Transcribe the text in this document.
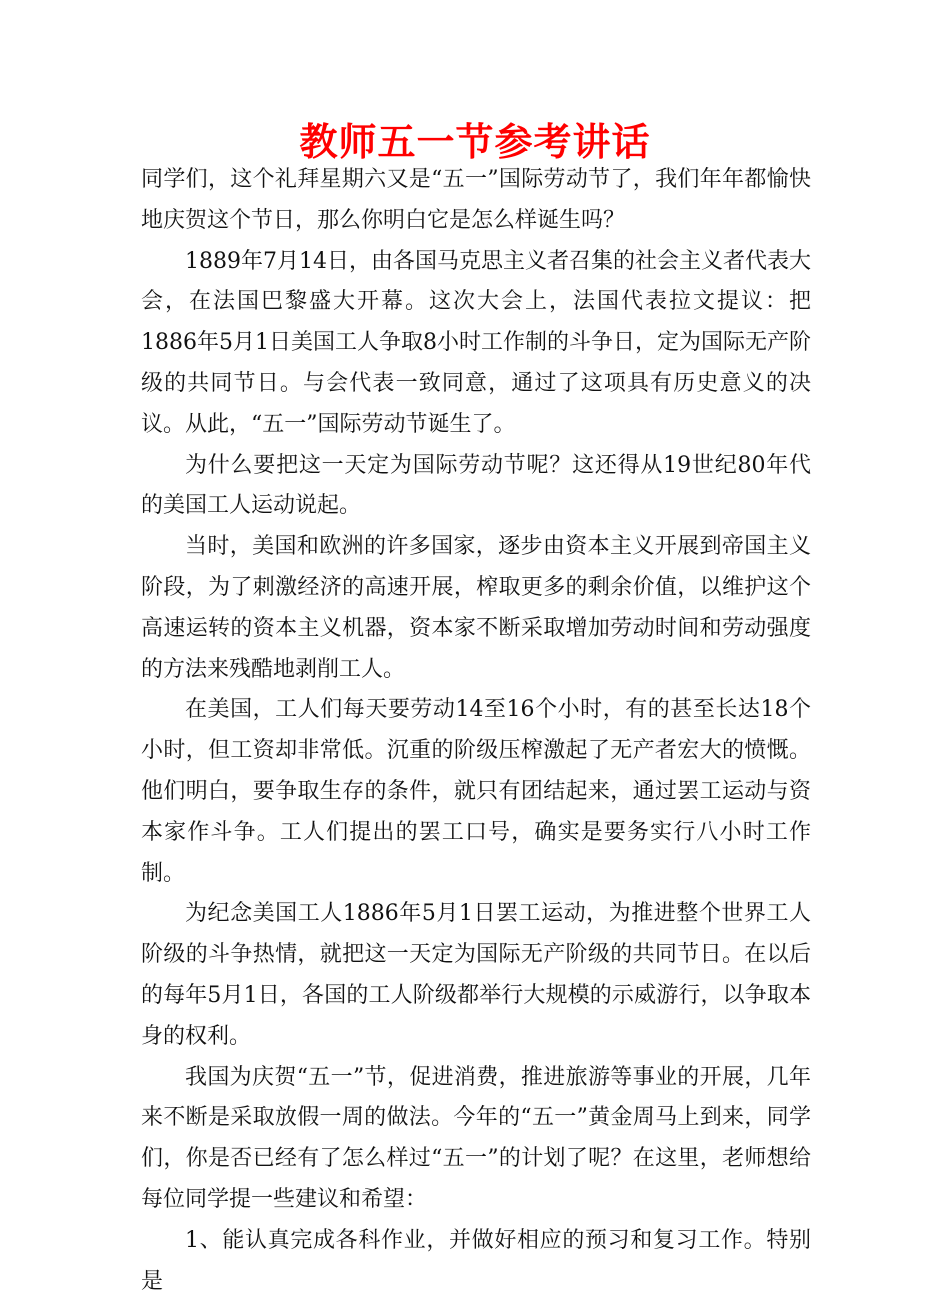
教师五一节参考讲话

同学们，这个礼拜星期六又是“五一”国际劳动节了，我们年年都愉快地庆贺这个节日，那么你明白它是怎么样诞生吗？

1889年7月14日，由各国马克思主义者召集的社会主义者代表大会，在法国巴黎盛大开幕。这次大会上，法国代表拉文提议：把1886年5月1日美国工人争取8小时工作制的斗争日，定为国际无产阶级的共同节日。与会代表一致同意，通过了这项具有历史意义的决议。从此，“五一”国际劳动节诞生了。

为什么要把这一天定为国际劳动节呢？这还得从19世纪80年代的美国工人运动说起。

当时，美国和欧洲的许多国家，逐步由资本主义开展到帝国主义阶段，为了刺激经济的高速开展，榨取更多的剩余价值，以维护这个高速运转的资本主义机器，资本家不断采取增加劳动时间和劳动强度的方法来残酷地剥削工人。

在美国，工人们每天要劳动14至16个小时，有的甚至长达18个小时，但工资却非常低。沉重的阶级压榨激起了无产者宏大的愤慨。他们明白，要争取生存的条件，就只有团结起来，通过罢工运动与资本家作斗争。工人们提出的罢工口号，确实是要务实行八小时工作制。

为纪念美国工人1886年5月1日罢工运动，为推进整个世界工人阶级的斗争热情，就把这一天定为国际无产阶级的共同节日。在以后的每年5月1日，各国的工人阶级都举行大规模的示威游行，以争取本身的权利。

我国为庆贺“五一”节，促进消费，推进旅游等事业的开展，几年来不断是采取放假一周的做法。今年的“五一”黄金周马上到来，同学们，你是否已经有了怎么样过“五一”的计划了呢？在这里，老师想给每位同学提一些建议和希望：

1、能认真完成各科作业，并做好相应的预习和复习工作。特别是
